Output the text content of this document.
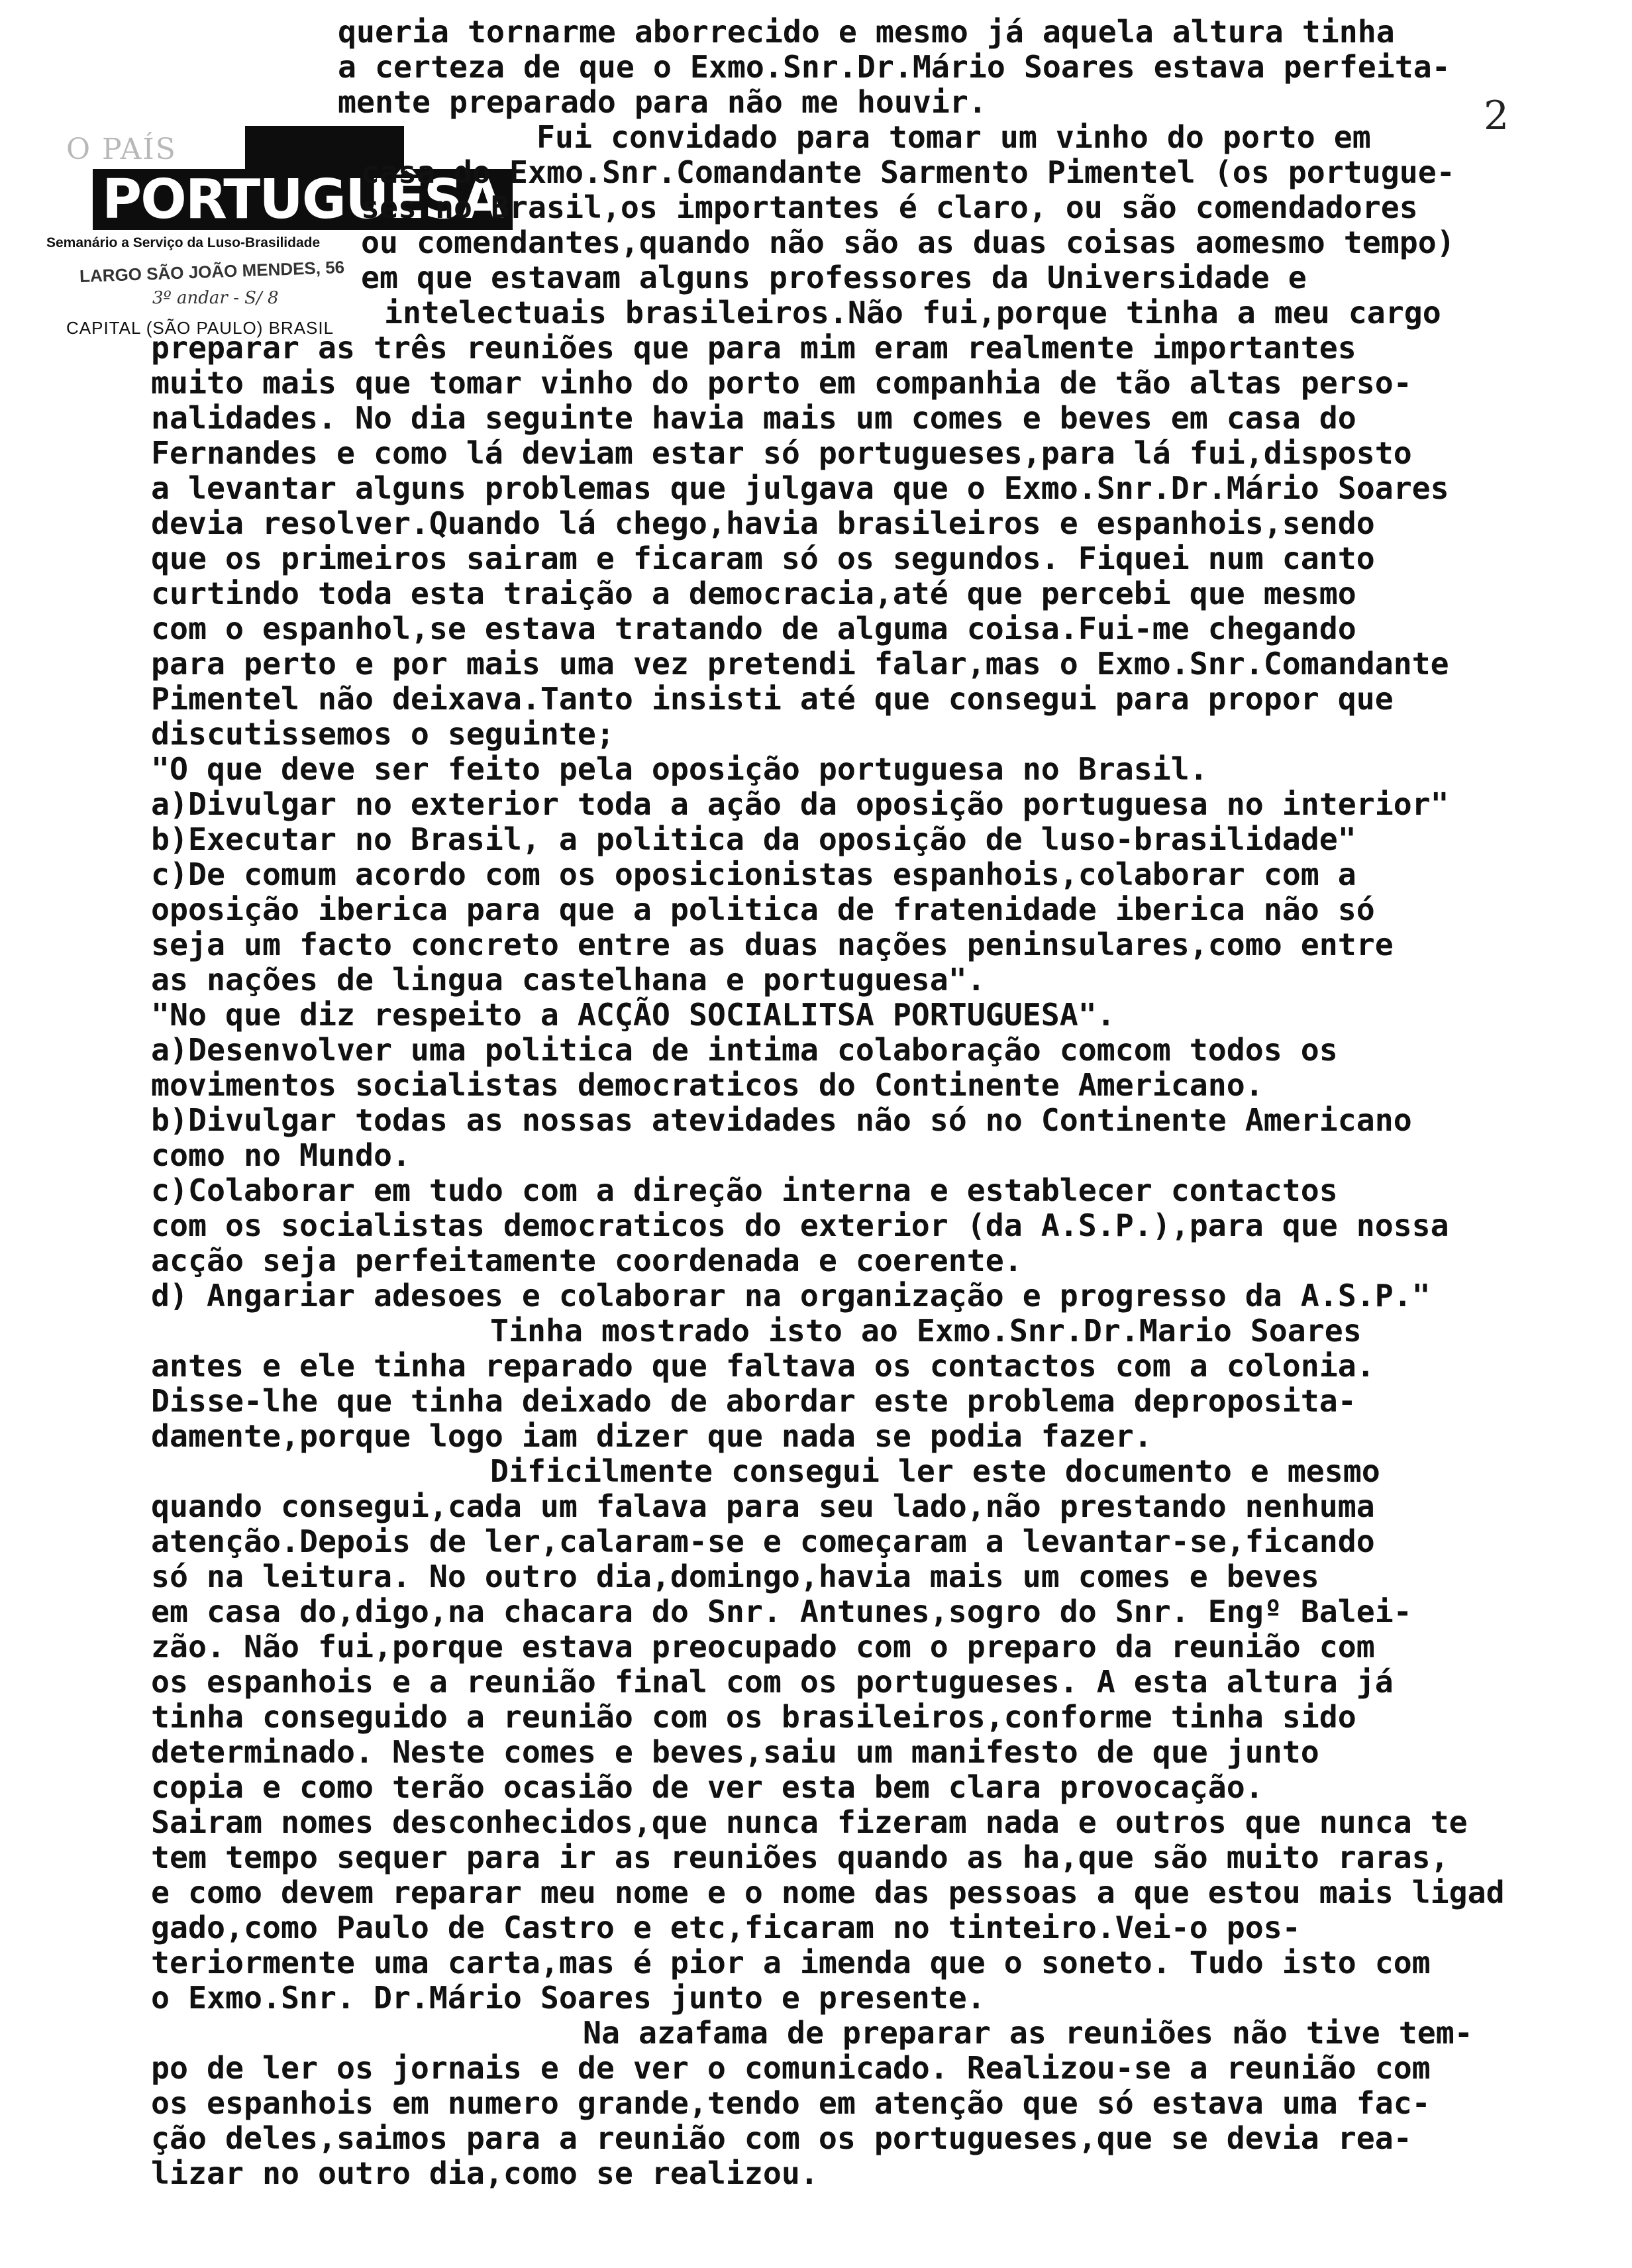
O PAÍS
PORTUGUÊSA
Semanário a Serviço da Luso-Brasilidade
LARGO SÃO JOÃO MENDES, 56
3º andar - S/ 8
CAPITAL (SÃO PAULO) BRASIL
2

queria tornarme aborrecido e mesmo já aquela altura tinha

a certeza de que o Exmo.Snr.Dr.Mário Soares estava perfeita-

mente preparado para não me houvir.

Fui convidado para tomar um vinho do porto em

casa do Exmo.Snr.Comandante Sarmento Pimentel (os portugue-

ses no Brasil,os importantes é claro, ou são comendadores

ou comendantes,quando não são as duas coisas aomesmo tempo)

em que estavam alguns professores da Universidade e

intelectuais brasileiros.Não fui,porque tinha a meu cargo

preparar as três reuniões que para mim eram realmente importantes

muito mais que tomar vinho do porto em companhia de tão altas perso-

nalidades. No dia seguinte havia mais um comes e beves em casa do

Fernandes e como lá deviam estar só portugueses,para lá fui,disposto

a levantar alguns problemas que julgava que o Exmo.Snr.Dr.Mário Soares

devia resolver.Quando lá chego,havia brasileiros e espanhois,sendo

que os primeiros sairam e ficaram só os segundos. Fiquei num canto

curtindo toda esta traição a democracia,até que percebi que mesmo

com o espanhol,se estava tratando de alguma coisa.Fui-me chegando

para perto e por mais uma vez pretendi falar,mas o Exmo.Snr.Comandante

Pimentel não deixava.Tanto insisti até que consegui para propor que

discutissemos o seguinte;

"O que deve ser feito pela oposição portuguesa no Brasil.

a)Divulgar no exterior toda a ação da oposição portuguesa no interior"

b)Executar no Brasil, a politica da oposição de luso-brasilidade"

c)De comum acordo com os oposicionistas espanhois,colaborar com a

oposição iberica para que a politica de fratenidade iberica não só

seja um facto concreto entre as duas nações peninsulares,como entre

as nações de lingua castelhana e portuguesa".

"No que diz respeito a ACÇÃO SOCIALITSA PORTUGUESA".

a)Desenvolver uma politica de intima colaboração comcom todos os

movimentos socialistas democraticos do Continente Americano.

b)Divulgar todas as nossas atevidades não só no Continente Americano

como no Mundo.

c)Colaborar em tudo com a direção interna e establecer contactos

com os socialistas democraticos do exterior (da A.S.P.),para que nossa

acção seja perfeitamente coordenada e coerente.

d) Angariar adesoes e colaborar na organização e progresso da A.S.P."

Tinha mostrado isto ao Exmo.Snr.Dr.Mario Soares

antes e ele tinha reparado que faltava os contactos com a colonia.

Disse-lhe que tinha deixado de abordar este problema deproposita-

damente,porque logo iam dizer que nada se podia fazer.

Dificilmente consegui ler este documento e mesmo

quando consegui,cada um falava para seu lado,não prestando nenhuma

atenção.Depois de ler,calaram-se e começaram a levantar-se,ficando

só na leitura. No outro dia,domingo,havia mais um comes e beves

em casa do,digo,na chacara do Snr. Antunes,sogro do Snr. Engº Balei-

zão. Não fui,porque estava preocupado com o preparo da reunião com

os espanhois e a reunião final com os portugueses. A esta altura já

tinha conseguido a reunião com os brasileiros,conforme tinha sido

determinado. Neste comes e beves,saiu um manifesto de que junto

copia e como terão ocasião de ver esta bem clara provocação.

Sairam nomes desconhecidos,que nunca fizeram nada e outros que nunca te

tem tempo sequer para ir as reuniões quando as ha,que são muito raras,

e como devem reparar meu nome e o nome das pessoas a que estou mais ligad

gado,como Paulo de Castro e etc,ficaram no tinteiro.Vei-o pos-

teriormente uma carta,mas é pior a imenda que o soneto. Tudo isto com

o Exmo.Snr. Dr.Mário Soares junto e presente.

Na azafama de preparar as reuniões não tive tem-

po de ler os jornais e de ver o comunicado. Realizou-se a reunião com

os espanhois em numero grande,tendo em atenção que só estava uma fac-

ção deles,saimos para a reunião com os portugueses,que se devia rea-

lizar no outro dia,como se realizou.
